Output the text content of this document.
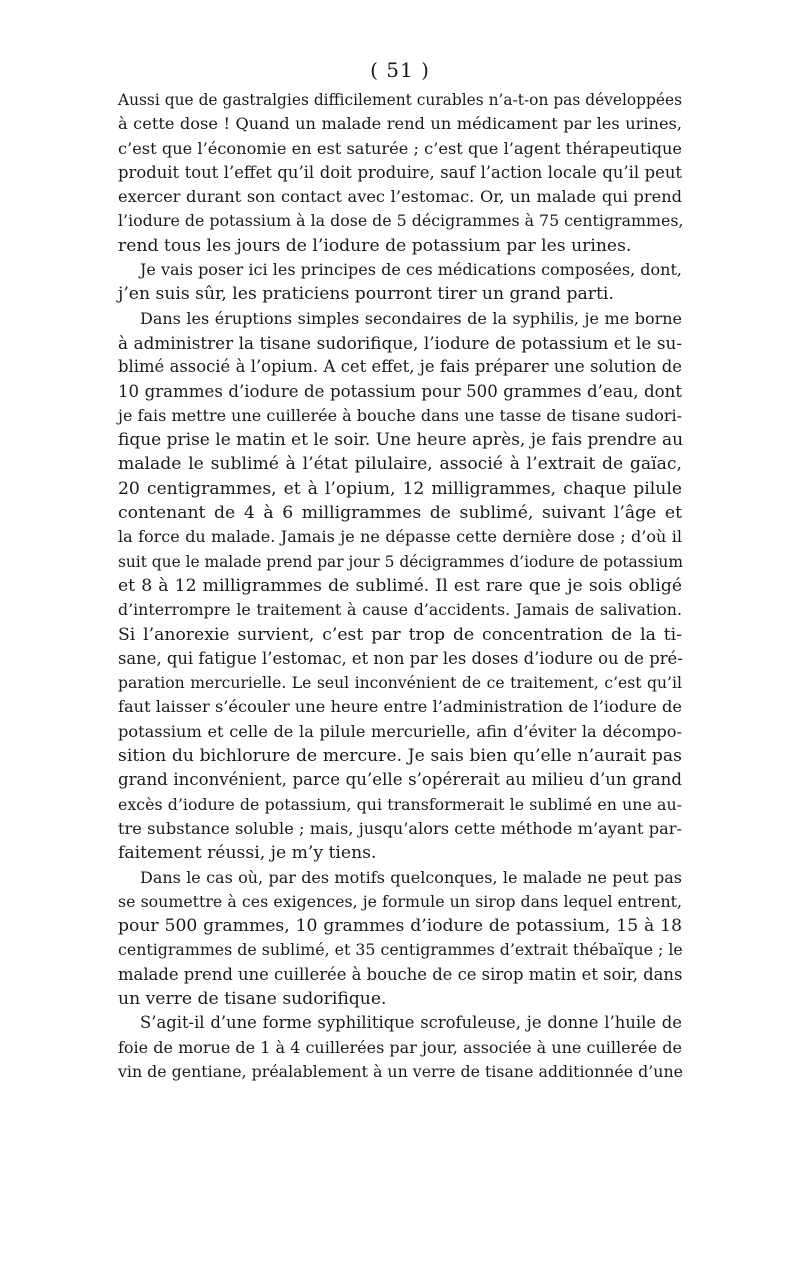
( 51 )
Aussi que de gastralgies difficilement curables n’a-t-on pas développées
à cette dose ! Quand un malade rend un médicament par les urines,
c’est que l’économie en est saturée ; c’est que l’agent thérapeutique
produit tout l’effet qu’il doit produire, sauf l’action locale qu’il peut
exercer durant son contact avec l’estomac. Or, un malade qui prend
l’iodure de potassium à la dose de 5 décigrammes à 75 centigrammes,
rend tous les jours de l’iodure de potassium par les urines.
Je vais poser ici les principes de ces médications composées, dont,
j’en suis sûr, les praticiens pourront tirer un grand parti.
Dans les éruptions simples secondaires de la syphilis, je me borne
à administrer la tisane sudorifique, l’iodure de potassium et le su-
blimé associé à l’opium. A cet effet, je fais préparer une solution de
10 grammes d’iodure de potassium pour 500 grammes d’eau, dont
je fais mettre une cuillerée à bouche dans une tasse de tisane sudori-
fique prise le matin et le soir. Une heure après, je fais prendre au
malade le sublimé à l’état pilulaire, associé à l’extrait de gaïac,
20 centigrammes, et à l’opium, 12 milligrammes, chaque pilule
contenant de 4 à 6 milligrammes de sublimé, suivant l’âge et
la force du malade. Jamais je ne dépasse cette dernière dose ; d’où il
suit que le malade prend par jour 5 décigrammes d’iodure de potassium
et 8 à 12 milligrammes de sublimé. Il est rare que je sois obligé
d’interrompre le traitement à cause d’accidents. Jamais de salivation.
Si l’anorexie survient, c’est par trop de concentration de la ti-
sane, qui fatigue l’estomac, et non par les doses d’iodure ou de pré-
paration mercurielle. Le seul inconvénient de ce traitement, c’est qu’il
faut laisser s’écouler une heure entre l’administration de l’iodure de
potassium et celle de la pilule mercurielle, afin d’éviter la décompo-
sition du bichlorure de mercure. Je sais bien qu’elle n’aurait pas
grand inconvénient, parce qu’elle s’opérerait au milieu d’un grand
excès d’iodure de potassium, qui transformerait le sublimé en une au-
tre substance soluble ; mais, jusqu’alors cette méthode m’ayant par-
faitement réussi, je m’y tiens.
Dans le cas où, par des motifs quelconques, le malade ne peut pas
se soumettre à ces exigences, je formule un sirop dans lequel entrent,
pour 500 grammes, 10 grammes d’iodure de potassium, 15 à 18
centigrammes de sublimé, et 35 centigrammes d’extrait thébaïque ; le
malade prend une cuillerée à bouche de ce sirop matin et soir, dans
un verre de tisane sudorifique.
S’agit-il d’une forme syphilitique scrofuleuse, je donne l’huile de
foie de morue de 1 à 4 cuillerées par jour, associée à une cuillerée de
vin de gentiane, préalablement à un verre de tisane additionnée d’une
